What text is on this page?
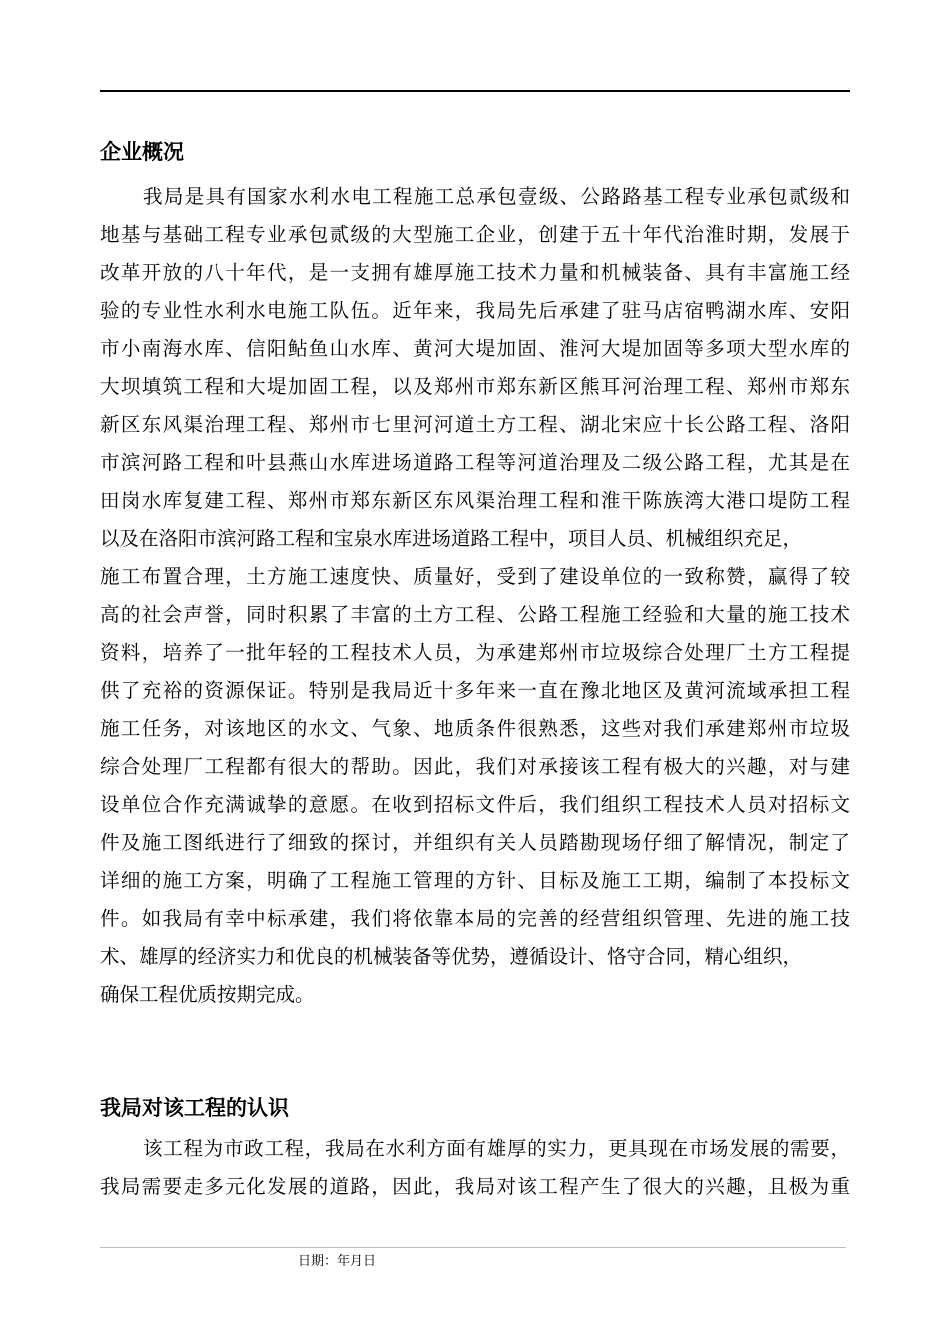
企业概况
我局是具有国家水利水电工程施工总承包壹级、公路路基工程专业承包贰级和
地基与基础工程专业承包贰级的大型施工企业，创建于五十年代治淮时期，发展于
改革开放的八十年代，是一支拥有雄厚施工技术力量和机械装备、具有丰富施工经
验的专业性水利水电施工队伍。近年来，我局先后承建了驻马店宿鸭湖水库、安阳
市小南海水库、信阳鲇鱼山水库、黄河大堤加固、淮河大堤加固等多项大型水库的
大坝填筑工程和大堤加固工程，以及郑州市郑东新区熊耳河治理工程、郑州市郑东
新区东风渠治理工程、郑州市七里河河道土方工程、湖北宋应十长公路工程、洛阳
市滨河路工程和叶县燕山水库进场道路工程等河道治理及二级公路工程，尤其是在
田岗水库复建工程、郑州市郑东新区东风渠治理工程和淮干陈族湾大港口堤防工程
以及在洛阳市滨河路工程和宝泉水库进场道路工程中，项目人员、机械组织充足，
施工布置合理，土方施工速度快、质量好，受到了建设单位的一致称赞，赢得了较
高的社会声誉，同时积累了丰富的土方工程、公路工程施工经验和大量的施工技术
资料，培养了一批年轻的工程技术人员，为承建郑州市垃圾综合处理厂土方工程提
供了充裕的资源保证。特别是我局近十多年来一直在豫北地区及黄河流域承担工程
施工任务，对该地区的水文、气象、地质条件很熟悉，这些对我们承建郑州市垃圾
综合处理厂工程都有很大的帮助。因此，我们对承接该工程有极大的兴趣，对与建
设单位合作充满诚挚的意愿。在收到招标文件后，我们组织工程技术人员对招标文
件及施工图纸进行了细致的探讨，并组织有关人员踏勘现场仔细了解情况，制定了
详细的施工方案，明确了工程施工管理的方针、目标及施工工期，编制了本投标文
件。如我局有幸中标承建，我们将依靠本局的完善的经营组织管理、先进的施工技
术、雄厚的经济实力和优良的机械装备等优势，遵循设计、恪守合同，精心组织，
确保工程优质按期完成。
我局对该工程的认识
该工程为市政工程，我局在水利方面有雄厚的实力，更具现在市场发展的需要，
我局需要走多元化发展的道路，因此，我局对该工程产生了很大的兴趣，且极为重
日期：年月日
